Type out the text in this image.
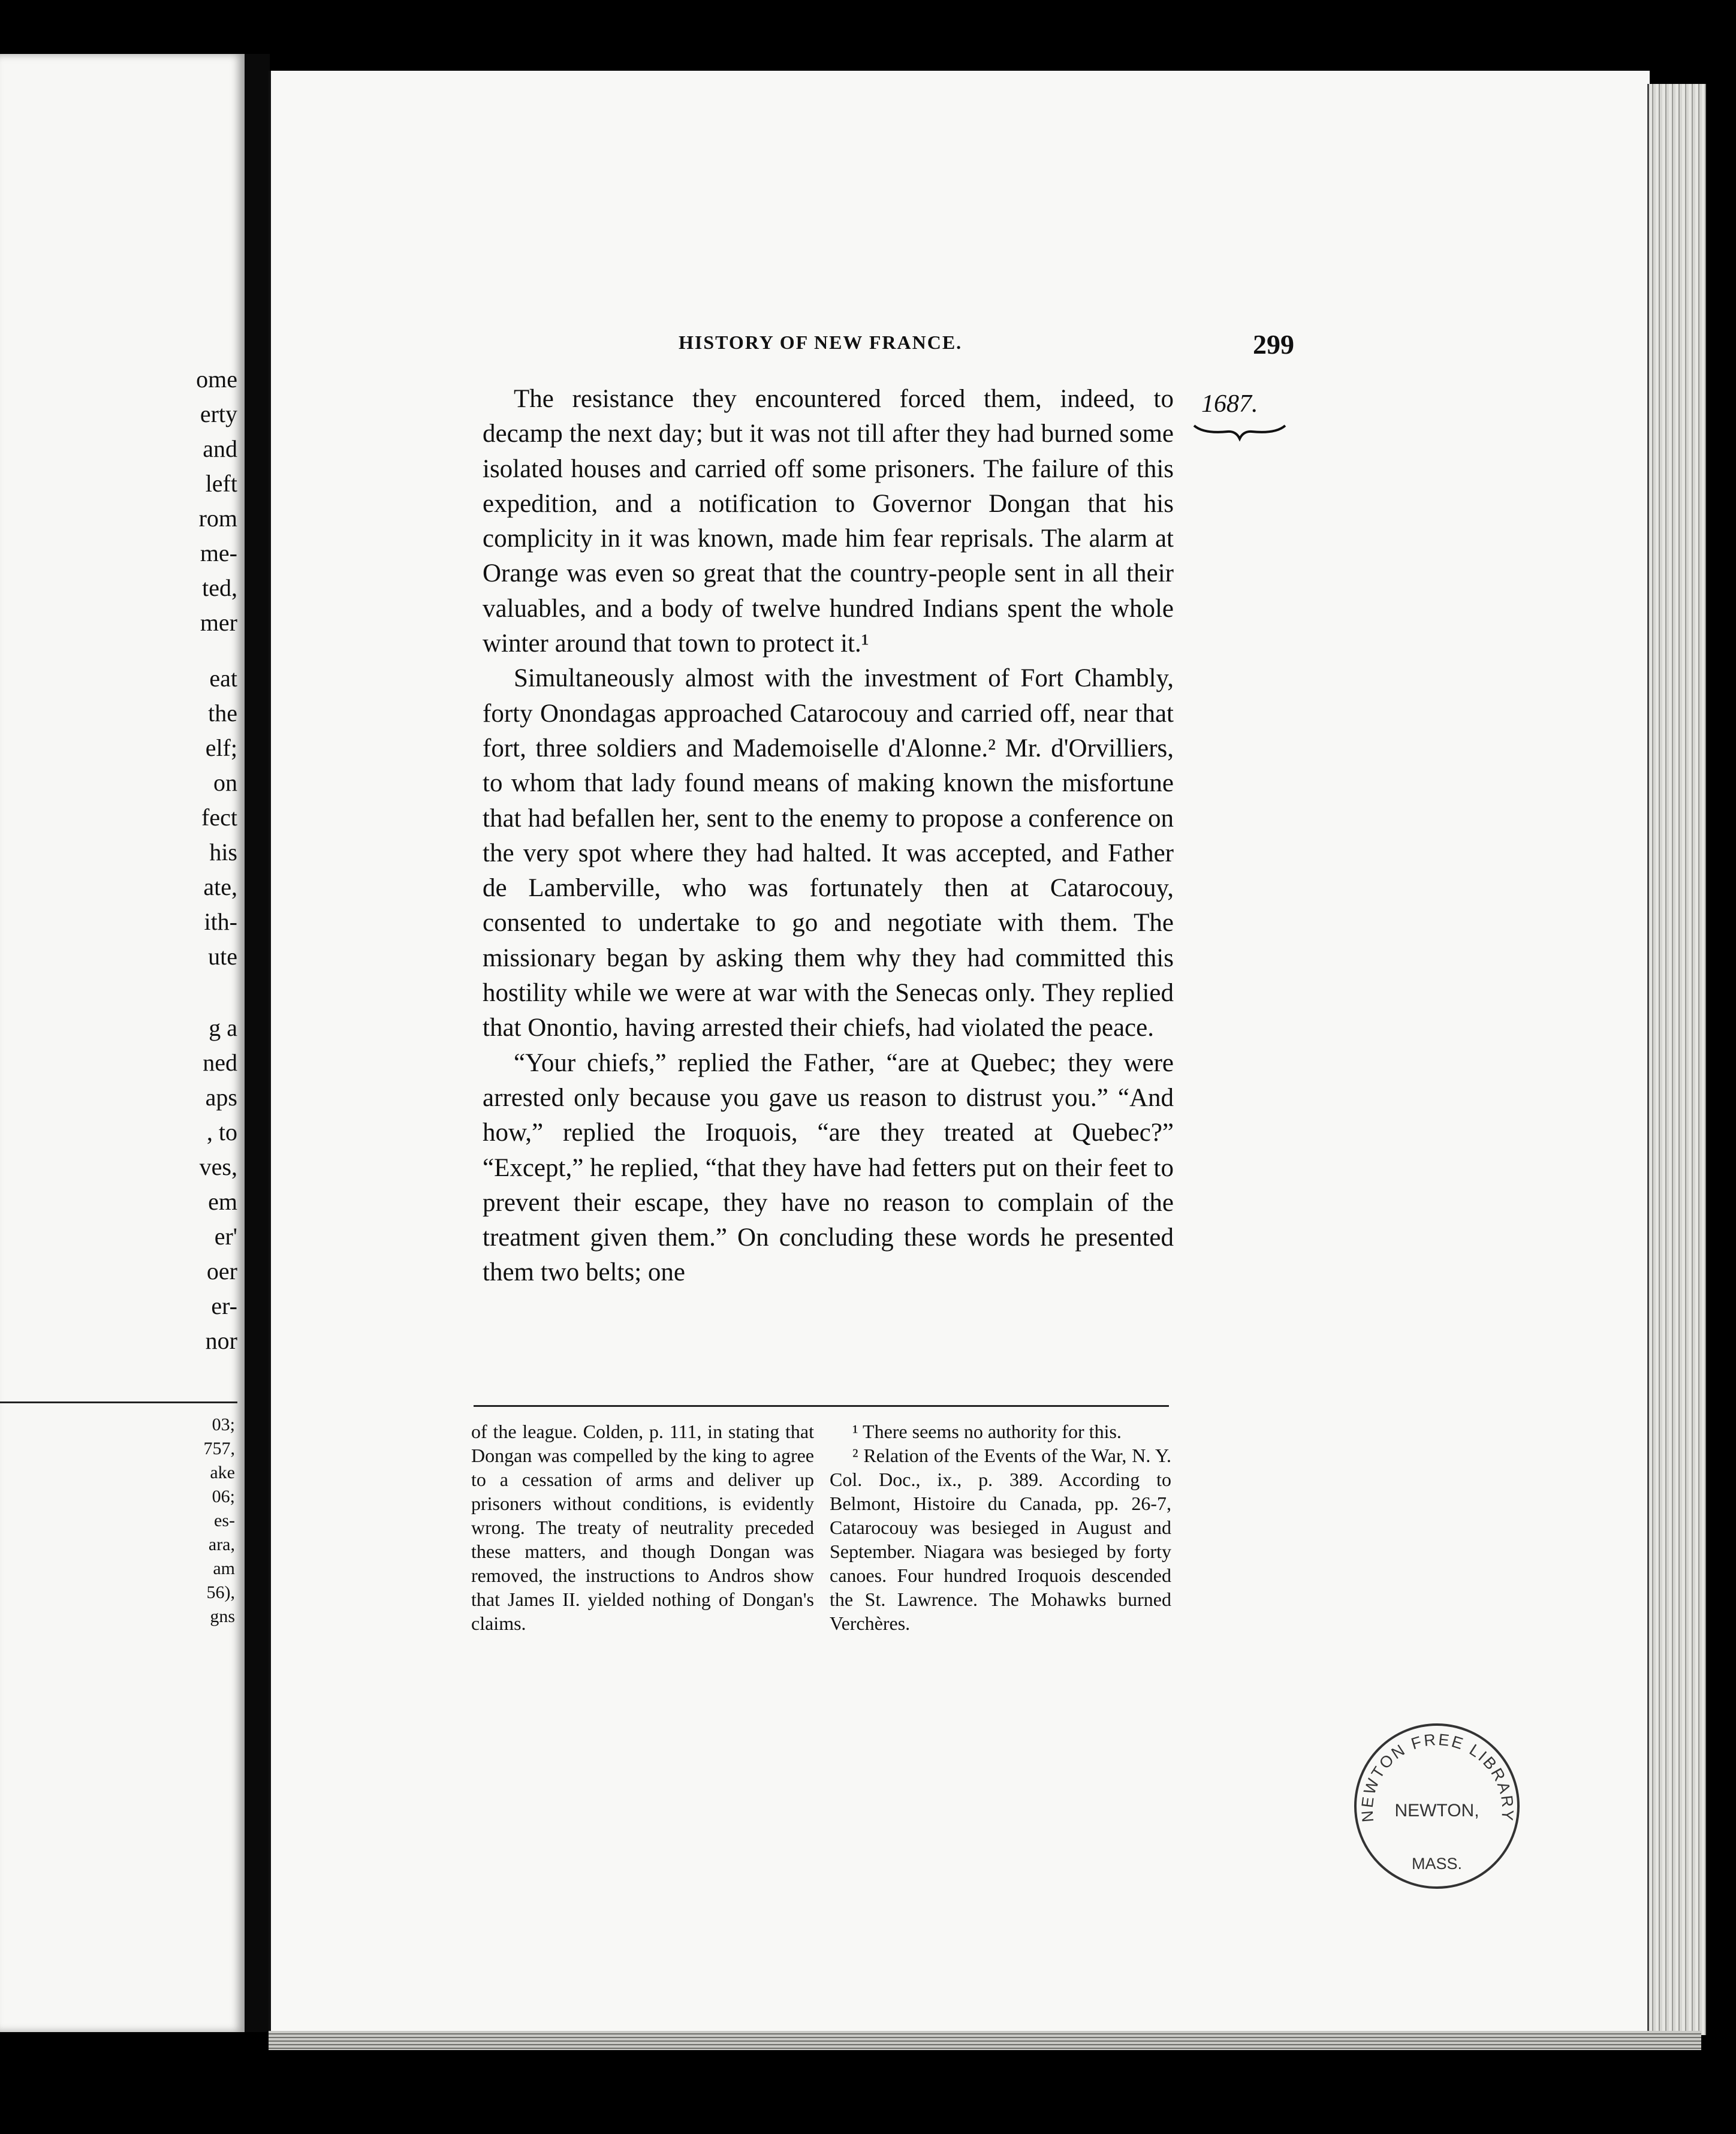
ome
erty
and
left
rom
me-
ted,
mer
eat
the
elf;
on
fect
his
ate,
ith-
ute
g a
ned
aps
, to
ves,
em
er'
oer
er-
nor
03;
757,
ake
06;
es-
ara,
am
56),
gns
HISTORY OF NEW FRANCE.	299
1687.

The resistance they encountered forced them, indeed, to decamp the next day; but it was not till after they had burned some isolated houses and carried off some prisoners. The failure of this expedition, and a notification to Governor Dongan that his complicity in it was known, made him fear reprisals. The alarm at Orange was even so great that the country-people sent in all their valuables, and a body of twelve hundred Indians spent the whole winter around that town to protect it.¹

Simultaneously almost with the investment of Fort Chambly, forty Onondagas approached Catarocouy and carried off, near that fort, three soldiers and Mademoiselle d'Alonne.² Mr. d'Orvilliers, to whom that lady found means of making known the misfortune that had befallen her, sent to the enemy to propose a conference on the very spot where they had halted. It was accepted, and Father de Lamberville, who was fortunately then at Catarocouy, consented to undertake to go and negotiate with them. The missionary began by asking them why they had committed this hostility while we were at war with the Senecas only. They replied that Onontio, having arrested their chiefs, had violated the peace.

“Your chiefs,” replied the Father, “are at Quebec; they were arrested only because you gave us reason to distrust you.” “And how,” replied the Iroquois, “are they treated at Quebec?” “Except,” he replied, “that they have had fetters put on their feet to prevent their escape, they have no reason to complain of the treatment given them.” On concluding these words he presented them two belts; one

of the league. Colden, p. 111, in stating that Dongan was compelled by the king to agree to a cessation of arms and deliver up prisoners without conditions, is evidently wrong. The treaty of neutrality preceded these matters, and though Dongan was removed, the instructions to Andros show that James II. yielded nothing of Dongan's claims.

¹ There seems no authority for this.

² Relation of the Events of the War, N. Y. Col. Doc., ix., p. 389. According to Belmont, Histoire du Canada, pp. 26-7, Catarocouy was besieged in August and September. Niagara was besieged by forty canoes. Four hundred Iroquois descended the St. Lawrence. The Mohawks burned Verchères.

NEWTON FREE LIBRARY
NEWTON,
MASS.
